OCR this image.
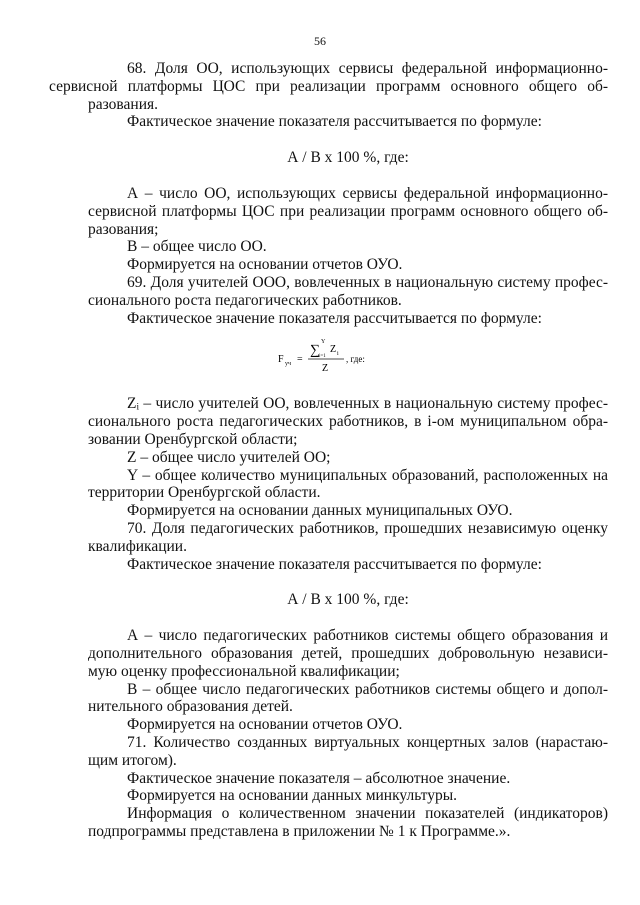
56

68. Доля ОО, использующих сервисы федеральной информационно-
сервисной платформы ЦОС при реализации программ основного общего об-
разования.

Фактическое значение показателя рассчитывается по формуле:

А / В х 100 %, где:

А – число ОО, использующих сервисы федеральной информационно-
сервисной платформы ЦОС при реализации программ основного общего об-
разования;

В – общее число ОО.

Формируется на основании отчетов ОУО.

69. Доля учителей ООО, вовлеченных в национальную систему профес-
сионального роста педагогических работников.

Фактическое значение показателя рассчитывается по формуле:

F уч =
∑
Y
i=1
Z i
Z
, где:

Zᵢ – число учителей ОО, вовлеченных в национальную систему профес-
сионального роста педагогических работников, в i-ом муниципальном обра-
зовании Оренбургской области;

Z – общее число учителей ОО;

Y – общее количество муниципальных образований, расположенных на
территории Оренбургской области.

Формируется на основании данных муниципальных ОУО.

70. Доля педагогических работников, прошедших независимую оценку
квалификации.

Фактическое значение показателя рассчитывается по формуле:

А / В х 100 %, где:

А – число педагогических работников системы общего образования и
дополнительного образования детей, прошедших добровольную независи-
мую оценку профессиональной квалификации;

В – общее число педагогических работников системы общего и допол-
нительного образования детей.

Формируется на основании отчетов ОУО.

71. Количество созданных виртуальных концертных залов (нарастаю-
щим итогом).

Фактическое значение показателя – абсолютное значение.

Формируется на основании данных минкультуры.

Информация о количественном значении показателей (индикаторов)
подпрограммы представлена в приложении № 1 к Программе.».
